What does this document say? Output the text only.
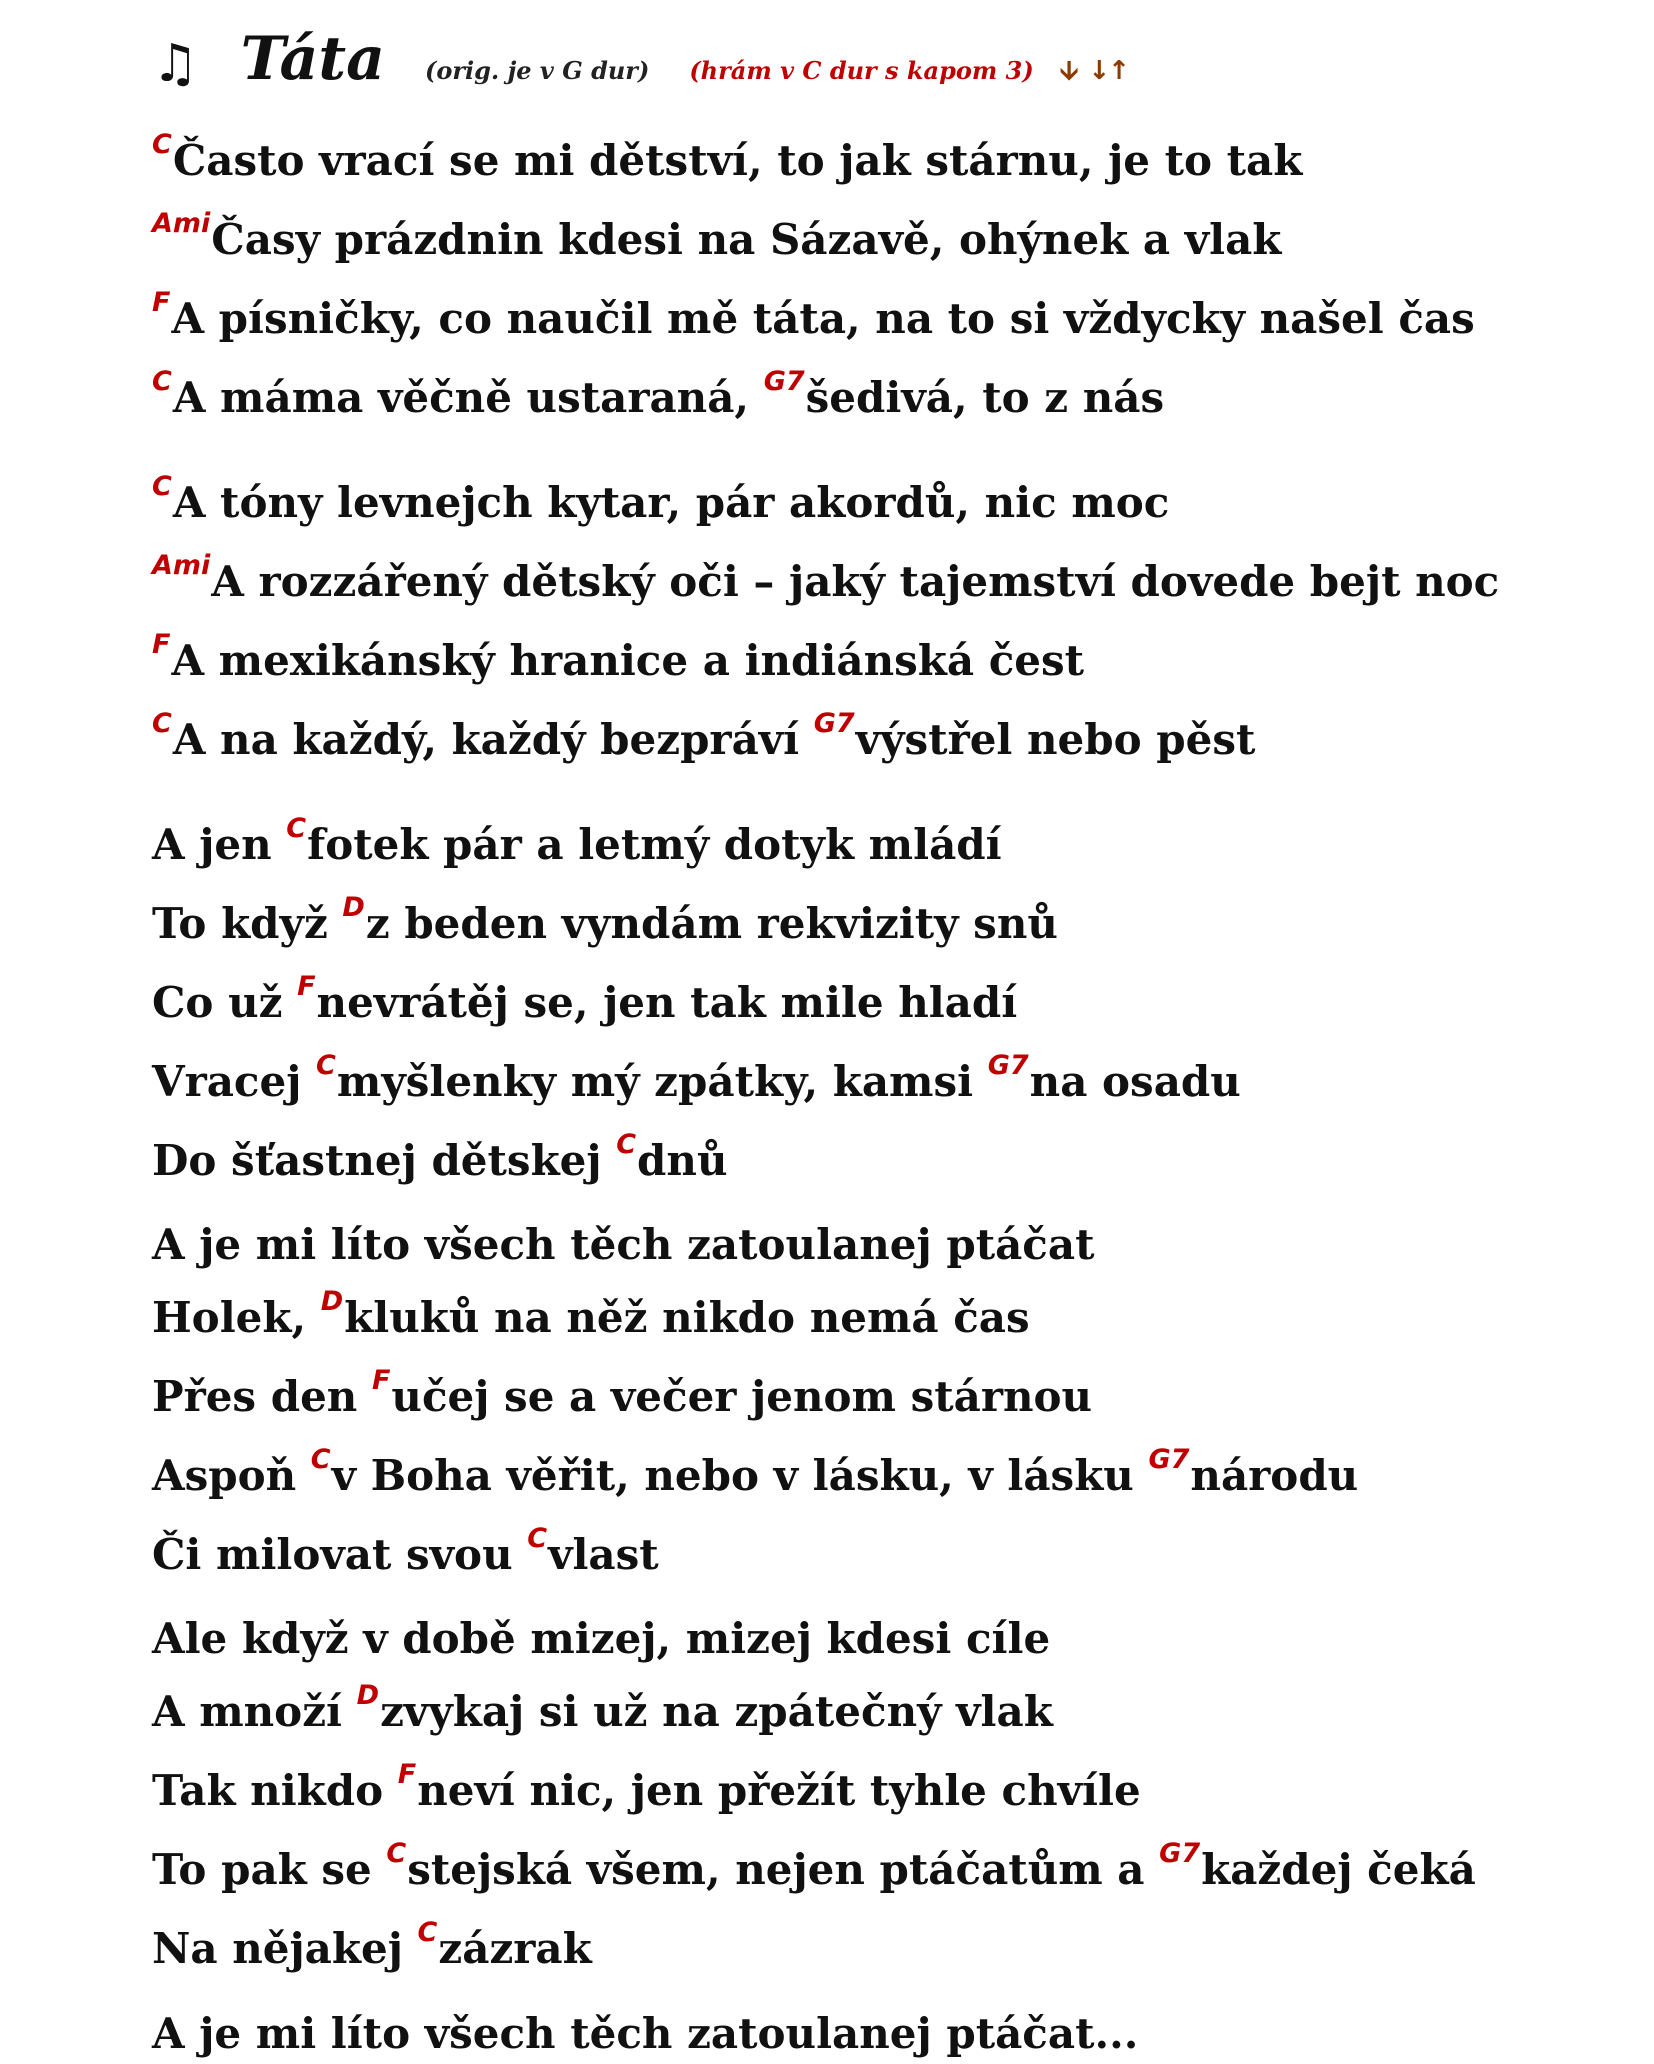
♫ Táta (orig. je v G dur) (hrám v C dur s kapom 3) 🡫 ↓↑
$^C$Často vrací se mi dětství, to jak stárnu, je to tak
$^{Ami}$Časy prázdnin kdesi na Sázavě, ohýnek a vlak
$^F$A písničky, co naučil mě táta, na to si vždycky našel čas
$^C$A máma věčně ustaraná, $^{G7}$šedivá, to z nás
$^C$A tóny levnejch kytar, pár akordů, nic moc
$^{Ami}$A rozzářený dětský oči – jaký tajemství dovede bejt noc
$^F$A mexikánský hranice a indiánská čest
$^C$A na každý, každý bezpráví $^{G7}$výstřel nebo pěst
A jen $^C$fotek pár a letmý dotyk mládí
To když $^D$z beden vyndám rekvizity snů
Co už $^F$nevrátěj se, jen tak mile hladí
Vracej $^C$myšlenky mý zpátky, kamsi $^{G7}$na osadu
Do šťastnej dětskej $^C$dnů
A je mi líto všech těch zatoulanej ptáčat
Holek, $^D$kluků na něž nikdo nemá čas
Přes den $^F$učej se a večer jenom stárnou
Aspoň $^C$v Boha věřit, nebo v lásku, v lásku $^{G7}$národu
Či milovat svou $^C$vlast
Ale když v době mizej, mizej kdesi cíle
A množí $^D$zvykaj si už na zpátečný vlak
Tak nikdo $^F$neví nic, jen přežít tyhle chvíle
To pak se $^C$stejská všem, nejen ptáčatům a $^{G7}$každej čeká
Na nějakej $^C$zázrak
A je mi líto všech těch zatoulanej ptáčat...
